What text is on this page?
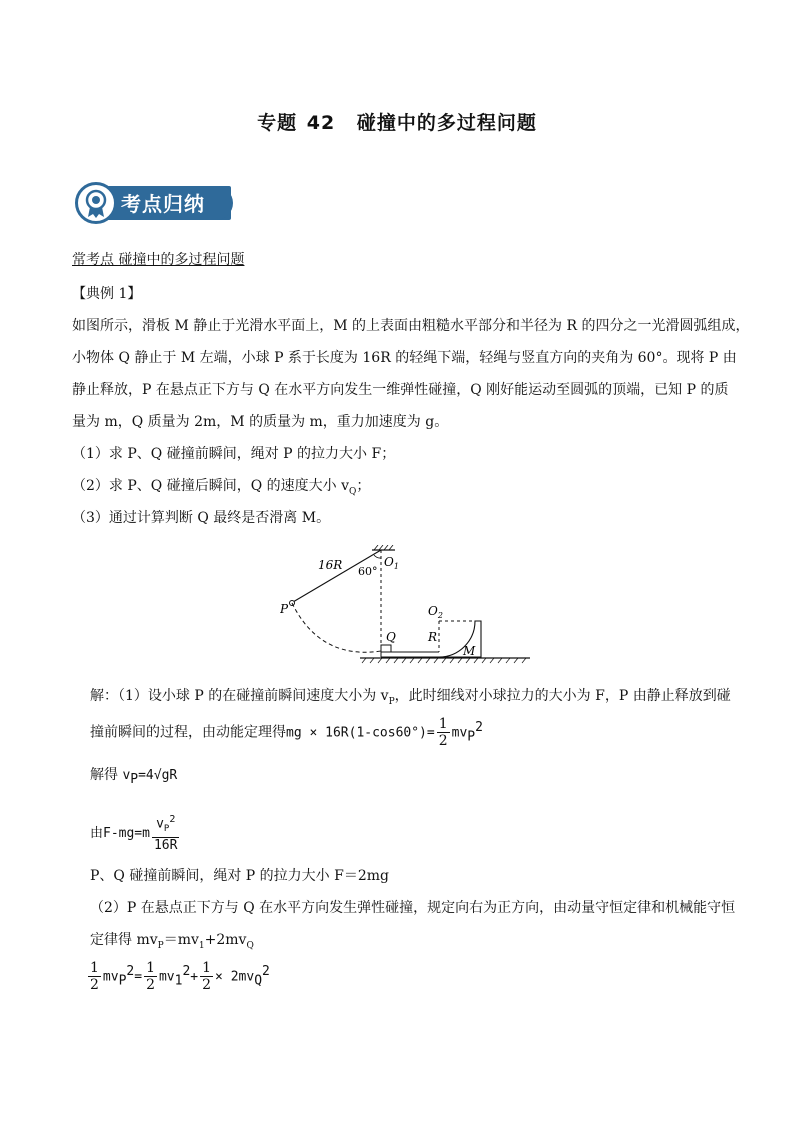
专题 42 碰撞中的多过程问题
考点归纳
常考点 碰撞中的多过程问题
【典例 1】
如图所示，滑板 M 静止于光滑水平面上，M 的上表面由粗糙水平部分和半径为 R 的四分之一光滑圆弧组成，
小物体 Q 静止于 M 左端，小球 P 系于长度为 16R 的轻绳下端，轻绳与竖直方向的夹角为 60°。现将 P 由
静止释放，P 在悬点正下方与 Q 在水平方向发生一维弹性碰撞，Q 刚好能运动至圆弧的顶端，已知 P 的质
量为 m，Q 质量为 2m，M 的质量为 m，重力加速度为 g。
（1）求 P、Q 碰撞前瞬间，绳对 P 的拉力大小 F；
（2）求 P、Q 碰撞后瞬间，Q 的速度大小 $v_Q$；
（3）通过计算判断 Q 最终是否滑离 M。
16R 60°
$O_1$
P
Q
$O_2$
R
M
解：（1）设小球 P 的在碰撞前瞬间速度大小为 $v_P$，此时细线对小球拉力的大小为 F，P 由静止释放到碰
撞前瞬间的过程，由动能定理得mg × $16R(1-\cos 60^\circ)= \frac{1}{2} mv_P^2$
解得 $v_P=4√gR$
由$F-mg=m \frac{v_P^2}{16R}$
P、Q 碰撞前瞬间，绳对 P 的拉力大小 F＝2mg
（2）P 在悬点正下方与 Q 在水平方向发生弹性碰撞，规定向右为正方向，由动量守恒定律和机械能守恒
定律得 $mv_P=mv_1+2mv_Q$
$\frac{1}{2} mv_P^2= \frac{1}{2} mv_1^2+ \frac{1}{2} \times 2mv_Q^2$
